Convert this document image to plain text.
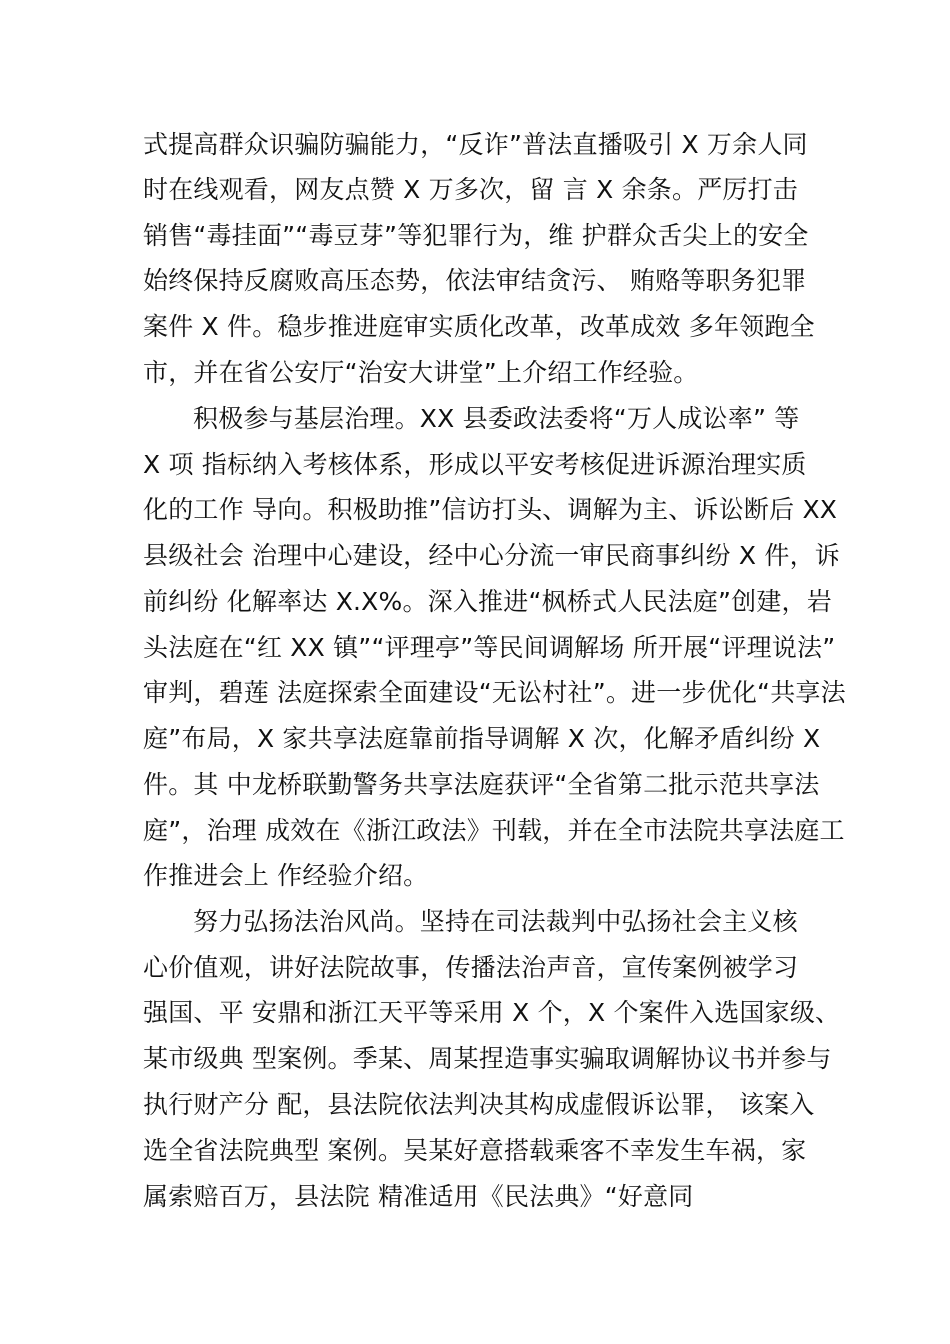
式提高群众识骗防骗能力，“反诈”普法直播吸引 X 万余人同
时在线观看，网友点赞 X 万多次，留 言 X 余条。严厉打击
销售“毒挂面”“毒豆芽”等犯罪行为，维 护群众舌尖上的安全
始终保持反腐败高压态势，依法审结贪污、 贿赂等职务犯罪
案件 X 件。稳步推进庭审实质化改革，改革成效 多年领跑全
市，并在省公安厅“治安大讲堂”上介绍工作经验。
积极参与基层治理。XX 县委政法委将“万人成讼率” 等
X 项 指标纳入考核体系，形成以平安考核促进诉源治理实质
化的工作 导向。积极助推”信访打头、调解为主、诉讼断后 XX
县级社会 治理中心建设，经中心分流一审民商事纠纷 X 件，诉
前纠纷 化解率达 X.X%。深入推进“枫桥式人民法庭”创建，岩
头法庭在“红 XX 镇”“评理亭”等民间调解场 所开展“评理说法”
审判，碧莲 法庭探索全面建设“无讼村社”。进一步优化“共享法
庭”布局，X 家共享法庭靠前指导调解 X 次，化解矛盾纠纷 X
件。其 中龙桥联勤警务共享法庭获评“全省第二批示范共享法
庭”，治理 成效在《浙江政法》刊载，并在全市法院共享法庭工
作推进会上 作经验介绍。
努力弘扬法治风尚。坚持在司法裁判中弘扬社会主义核
心价值观，讲好法院故事，传播法治声音，宣传案例被学习
强国、平 安鼎和浙江天平等采用 X 个，X 个案件入选国家级、
某市级典 型案例。季某、周某捏造事实骗取调解协议书并参与
执行财产分 配，县法院依法判决其构成虚假诉讼罪， 该案入
选全省法院典型 案例。吴某好意搭载乘客不幸发生车祸，家
属索赔百万，县法院 精准适用《民法典》“好意同
